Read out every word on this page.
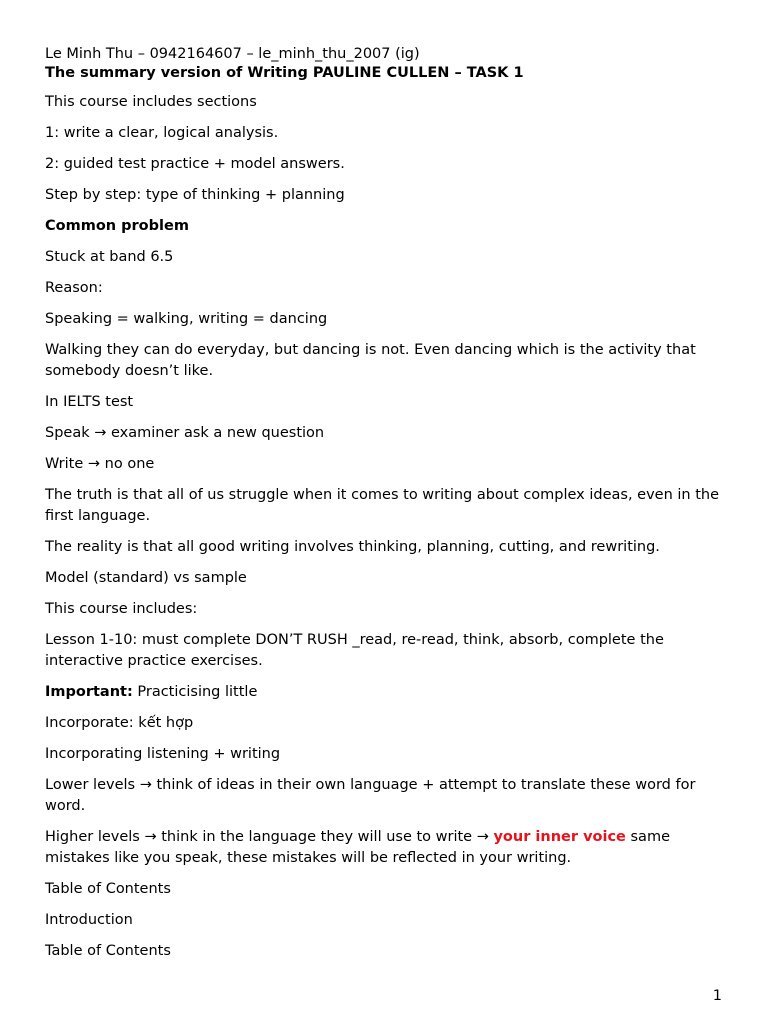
Le Minh Thu – 0942164607 – le_minh_thu_2007 (ig)

The summary version of Writing PAULINE CULLEN – TASK 1

This course includes sections

1: write a clear, logical analysis.

2: guided test practice + model answers.

Step by step: type of thinking + planning

Common problem

Stuck at band 6.5

Reason:

Speaking = walking, writing = dancing

Walking they can do everyday, but dancing is not. Even dancing which is the activity that somebody doesn’t like.

In IELTS test

Speak → examiner ask a new question

Write → no one

The truth is that all of us struggle when it comes to writing about complex ideas, even in the first language.

The reality is that all good writing involves thinking, planning, cutting, and rewriting.

Model (standard) vs sample

This course includes:

Lesson 1-10: must complete DON’T RUSH _read, re-read, think, absorb, complete the interactive practice exercises.

Important: Practicising little

Incorporate: kết hợp

Incorporating listening + writing

Lower levels → think of ideas in their own language + attempt to translate these word for word.

Higher levels → think in the language they will use to write → your inner voice same mistakes like you speak, these mistakes will be reflected in your writing.

Table of Contents

Introduction

Table of Contents

1
